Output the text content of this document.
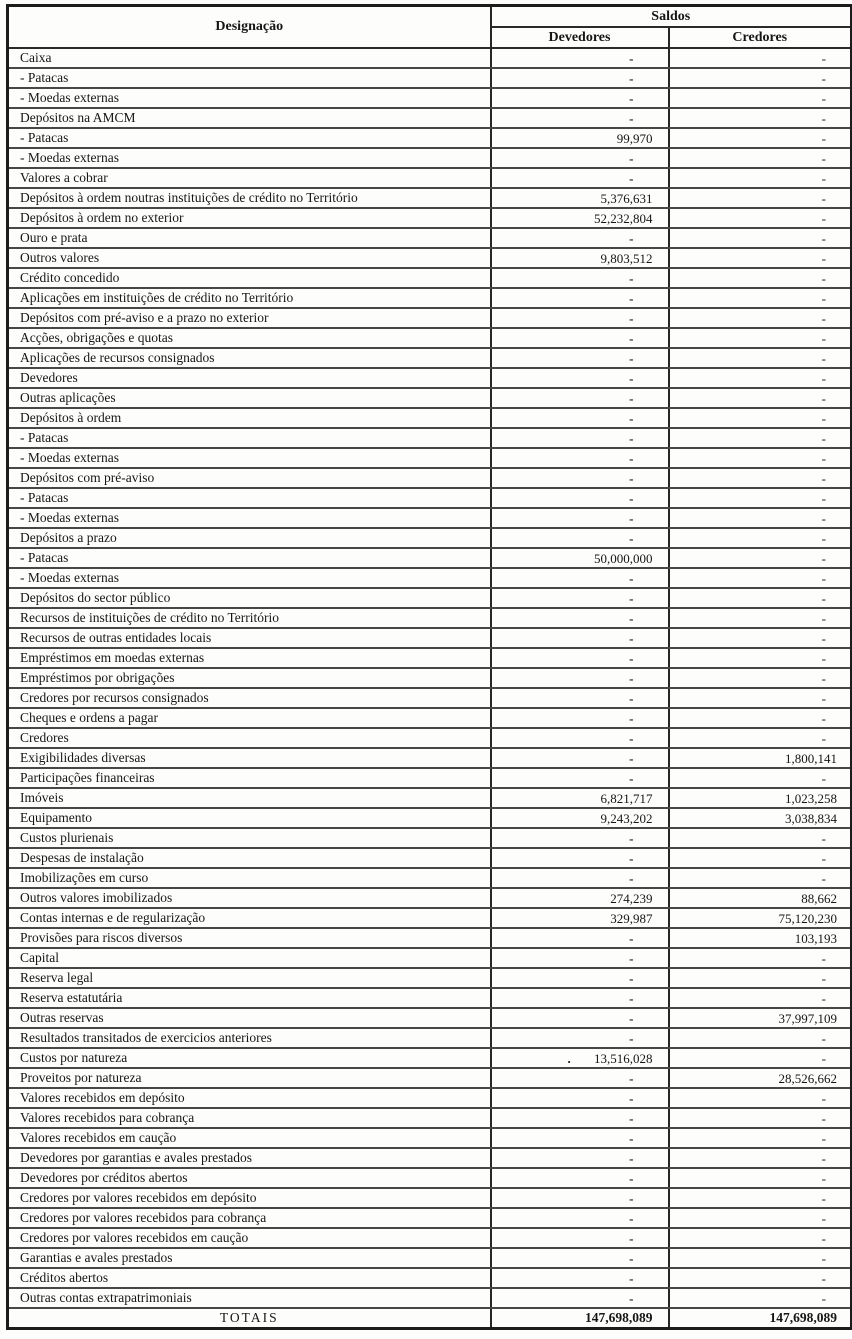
Designação	Saldos	
	Devedores	Credores
Caixa	-	-
- Patacas	-	-
- Moedas externas	-	-
Depósitos na AMCM	-	-
- Patacas	99,970	-
- Moedas externas	-	-
Valores a cobrar	-	-
Depósitos à ordem noutras instituições de crédito no Território	5,376,631	-
Depósitos à ordem no exterior	52,232,804	-
Ouro e prata	-	-
Outros valores	9,803,512	-
Crédito concedido	-	-
Aplicações em instituições de crédito no Território	-	-
Depósitos com pré-aviso e a prazo no exterior	-	-
Acções, obrigações e quotas	-	-
Aplicações de recursos consignados	-	-
Devedores	-	-
Outras aplicações	-	-
Depósitos à ordem	-	-
- Patacas	-	-
- Moedas externas	-	-
Depósitos com pré-aviso	-	-
- Patacas	-	-
- Moedas externas	-	-
Depósitos a prazo	-	-
- Patacas	50,000,000	-
- Moedas externas	-	-
Depósitos do sector público	-	-
Recursos de instituições de crédito no Território	-	-
Recursos de outras entidades locais	-	-
Empréstimos em moedas externas	-	-
Empréstimos por obrigações	-	-
Credores por recursos consignados	-	-
Cheques e ordens a pagar	-	-
Credores	-	-
Exigibilidades diversas	-	1,800,141
Participações financeiras	-	-
Imóveis	6,821,717	1,023,258
Equipamento	9,243,202	3,038,834
Custos plurienais	-	-
Despesas de instalação	-	-
Imobilizações em curso	-	-
Outros valores imobilizados	274,239	88,662
Contas internas e de regularização	329,987	75,120,230
Provisões para riscos diversos	-	103,193
Capital	-	-
Reserva legal	-	-
Reserva estatutária	-	-
Outras reservas	-	37,997,109
Resultados transitados de exercicios anteriores	-	-
Custos por natureza	. 13,516,028	-
Proveitos por natureza	-	28,526,662
Valores recebidos em depósito	-	-
Valores recebidos para cobrança	-	-
Valores recebidos em caução	-	-
Devedores por garantias e avales prestados	-	-
Devedores por créditos abertos	-	-
Credores por valores recebidos em depósito	-	-
Credores por valores recebidos para cobrança	-	-
Credores por valores recebidos em caução	-	-
Garantias e avales prestados	-	-
Créditos abertos	-	-
Outras contas extrapatrimoniais	-	-
TOTAIS	147,698,089	147,698,089
